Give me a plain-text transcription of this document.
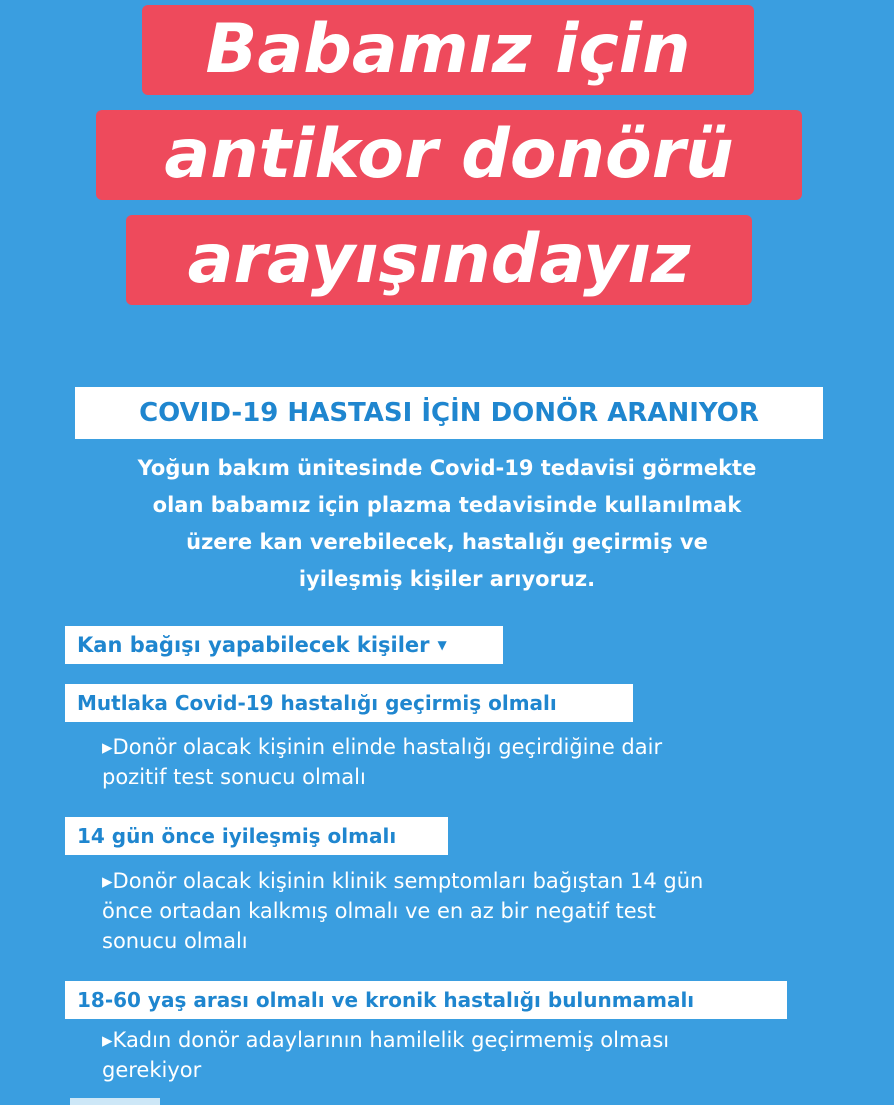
Babamız için
antikor donörü
arayışındayız
COVID-19 HASTASI İÇİN DONÖR ARANIYOR
Yoğun bakım ünitesinde Covid-19 tedavisi görmekte
olan babamız için plazma tedavisinde kullanılmak
üzere kan verebilecek, hastalığı geçirmiş ve
iyileşmiş kişiler arıyoruz.
Kan bağışı yapabilecek kişiler ▼
Mutlaka Covid-19 hastalığı geçirmiş olmalı
▸Donör olacak kişinin elinde hastalığı geçirdiğine dair
pozitif test sonucu olmalı
14 gün önce iyileşmiş olmalı
▸Donör olacak kişinin klinik semptomları bağıştan 14 gün
önce ortadan kalkmış olmalı ve en az bir negatif test
sonucu olmalı
18-60 yaş arası olmalı ve kronik hastalığı bulunmamalı
▸Kadın donör adaylarının hamilelik geçirmemiş olması
gerekiyor
